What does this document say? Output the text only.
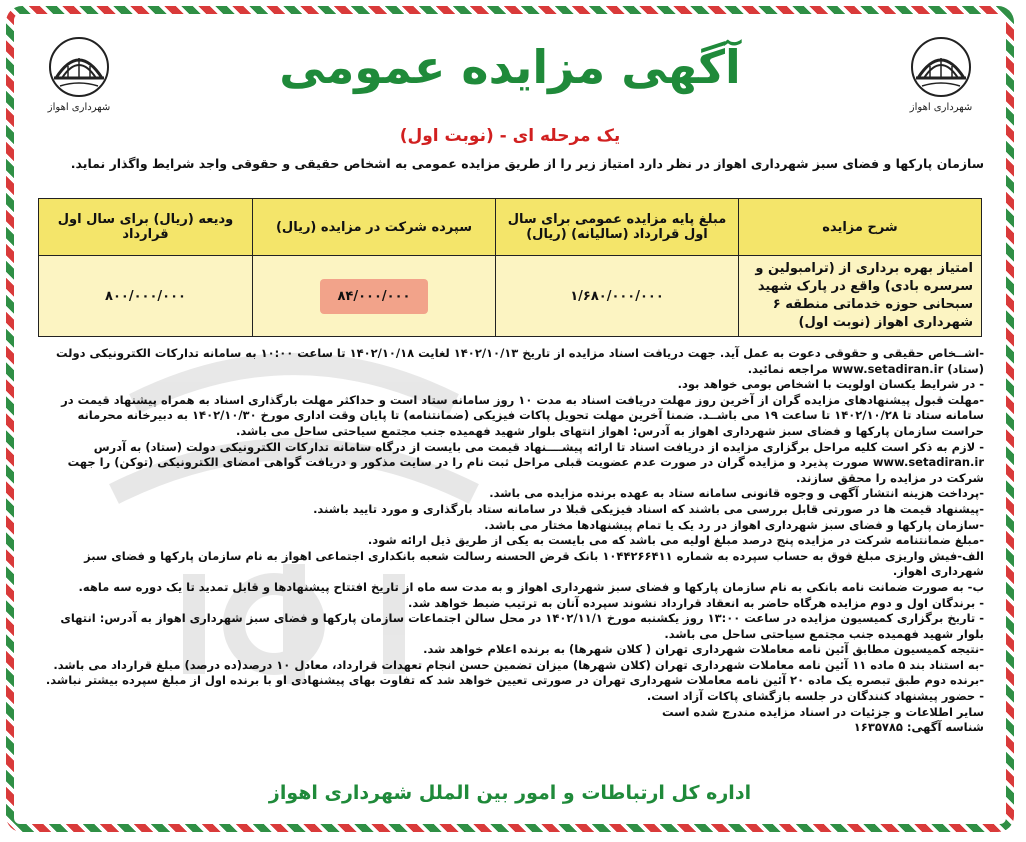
شهرداری اهواز
شهرداری اهواز
آگهی مزایده عمومی
یک مرحله ای - (نوبت اول)
سازمان پارکها و فضای سبز شهرداری اهواز در نظر دارد امتیاز زیر را از طریق مزایده عمومی به اشخاص حقیقی و حقوقی واجد شرایط واگذار نماید.
شرح مزایده	مبلغ پایه مزایده عمومی برای سال اول قرارداد (سالیانه) (ریال)	سپرده شرکت در مزایده (ریال)	ودیعه (ریال) برای سال اول قرارداد
امتیاز بهره برداری از (ترامبولین و سرسره بادی) واقع در پارک شهید سبحانی حوزه خدماتی منطقه ۶ شهرداری اهواز (نوبت اول)	۱/۶۸۰/۰۰۰/۰۰۰	۸۴/۰۰۰/۰۰۰	۸۰۰/۰۰۰/۰۰۰
-اشــخاص حقیقی و حقوقی دعوت به عمل آید. جهت دریافت اسناد مزایده از تاریخ ۱۴۰۲/۱۰/۱۳ لغایت ۱۴۰۲/۱۰/۱۸ تا ساعت ۱۰:۰۰ به سامانه تدارکات الکترونیکی دولت (ستاد) www.setadiran.ir مراجعه نمائید.
- در شرایط یکسان اولویت با اشخاص بومی خواهد بود.
-مهلت قبول پیشنهادهای مزایده گران از آخرین روز مهلت دریافت اسناد به مدت ۱۰ روز سامانه ستاد است و حداکثر مهلت بارگذاری اسناد به همراه پیشنهاد قیمت در سامانه ستاد تا ۱۴۰۲/۱۰/۲۸ تا ساعت ۱۹ می باشــد. ضمنا آخرین مهلت تحویل پاکات فیزیکی (ضمانتنامه) تا پایان وقت اداری مورخ ۱۴۰۲/۱۰/۳۰ به دبیرخانه محرمانه حراست سازمان پارکها و فضای سبز شهرداری اهواز به آدرس: اهواز انتهای بلوار شهید فهمیده جنب مجتمع سیاحتی ساحل می باشد.
- لازم به ذکر است کلیه مراحل برگزاری مزایده از دریافت اسناد تا ارائه پیشــــنهاد قیمت می بایست از درگاه سامانه تدارکات الکترونیکی دولت (ستاد) به آدرس www.setadiran.ir صورت پذیرد و مزایده گران در صورت عدم عضویت قبلی مراحل ثبت نام را در سایت مذکور و دریافت گواهی امضای الکترونیکی (توکن) را جهت شرکت در مزایده را محقق سازند.
-پرداخت هزینه انتشار آگهی و وجوه قانونی سامانه ستاد به عهده برنده مزایده می باشد.
-پیشنهاد قیمت ها در صورتی قابل بررسی می باشند که اسناد فیزیکی قبلا در سامانه ستاد بارگذاری و مورد تایید باشند.
-سازمان پارکها و فضای سبز شهرداری اهواز در رد یک یا تمام پیشنهادها مختار می باشد.
-مبلغ ضمانتنامه شرکت در مزایده پنج درصد مبلغ اولیه می باشد که می بایست به یکی از طریق ذیل ارائه شود.
الف-فیش واریزی مبلغ فوق به حساب سپرده به شماره ۱۰۴۴۲۶۶۴۱۱ بانک قرض الحسنه رسالت شعبه بانکداری اجتماعی اهواز به نام سازمان پارکها و فضای سبز شهرداری اهواز.
ب- به صورت ضمانت نامه بانکی به نام سازمان پارکها و فضای سبز شهرداری اهواز و به مدت سه ماه از تاریخ افتتاح پیشنهادها و قابل تمدید تا یک دوره سه ماهه.
- برندگان اول و دوم مزایده هرگاه حاضر به انعقاد قرارداد نشوند سپرده آنان به ترتیب ضبط خواهد شد.
- تاریخ برگزاری کمیسیون مزایده در ساعت ۱۳:۰۰ روز یکشنبه مورخ ۱۴۰۲/۱۱/۱ در محل سالن اجتماعات سازمان پارکها و فضای سبز شهرداری اهواز به آدرس: انتهای بلوار شهید فهمیده جنب مجتمع سیاحتی ساحل می باشد.
-نتیجه کمیسیون مطابق آئین نامه معاملات شهرداری تهران ( کلان شهرها) به برنده اعلام خواهد شد.
-به استناد بند ۵ ماده ۱۱ آئین نامه معاملات شهرداری تهران (کلان شهرها) میزان تضمین حسن انجام تعهدات قرارداد، معادل ۱۰ درصد(ده درصد) مبلغ قرارداد می باشد.
-برنده دوم طبق تبصره یک ماده ۲۰ آئین نامه معاملات شهرداری تهران در صورتی تعیین خواهد شد که تفاوت بهای پیشنهادی او با برنده اول از مبلغ سپرده بیشتر نباشد.
- حضور پیشنهاد کنندگان در جلسه بازگشای پاکات آزاد است.
سایر اطلاعات و جزئیات در اسناد مزایده مندرج شده است
شناسه آگهی: ۱۶۳۵۷۸۵
اداره کل ارتباطات و امور بین الملل شهرداری اهواز
